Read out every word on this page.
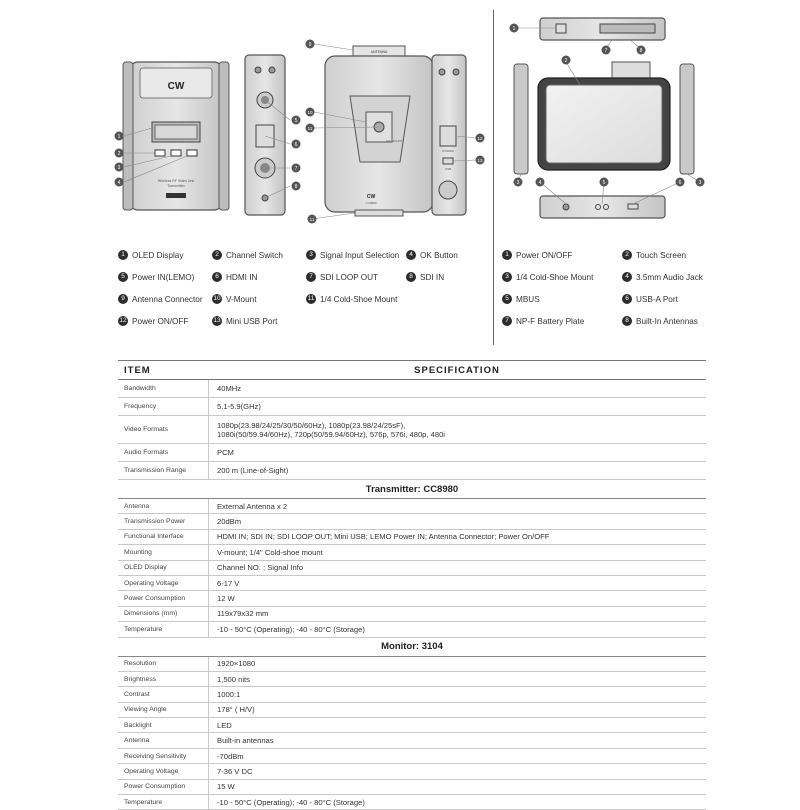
CW
Wireless RF Video Link
Transmitter
ANTENNA
CW
CC8980
1/4" MOUNT
POWER
USB
1
2
3
4
5
6
7
8
9
10
11
12
13
11
1
7	8
2
3	4	5	6	3
1 OLED Display	2 Channel Switch	3 Signal Input Selection	4 OK Button
5 Power IN(LEMO)	6 HDMI IN	7 SDI LOOP OUT	8 SDI IN
9 Antenna Connector 10 V-Mount	11 1/4 Cold-Shoe Mount
12 Power ON/OFF	13 Mini USB Port
1 Power ON/OFF	2 Touch Screen
3 1/4 Cold-Shoe Mount	4 3.5mm Audio Jack
5 MBUS	6 USB-A Port
7 NP-F Battery Plate	8 Built-In Antennas
ITEM	SPECIFICATION
Bandwidth	40MHz
Frequency	5.1-5.9(GHz)
Video Formats	1080p(23.98/24/25/30/50/60Hz), 1080p(23.98/24/25sF),
1080i(50/59.94/60Hz), 720p(50/59.94/60Hz), 576p, 576i, 480p, 480i
Audio Formats	PCM
Transmission Range	200 m (Line-of-Sight)
Transmitter: CC8980
Antenna	External Antenna x 2
Transmission Power	20dBm
Functional Interface	HDMI IN; SDI IN; SDI LOOP OUT; Mini USB; LEMO Power IN; Antenna Connector; Power On/OFF
Mounting	V-mount; 1/4" Cold-shoe mount
OLED Display	Channel NO. ; Signal Info
Operating Voltage	6-17 V
Power Consumption	12 W
Dimensions (mm)	119x79x32 mm
Temperature	-10 - 50°C (Operating); -40 - 80°C (Storage)
Monitor: 3104
Resolution	1920×1080
Brightness	1,500 nits
Contrast	1000:1
Viewing Angle	178° ( H/V)
Backlight	LED
Antenna	Built-in antennas
Receiving Sensitivity	-70dBm
Operating Voltage	7-36 V DC
Power Consumption	15 W
Temperature	-10 - 50°C (Operating); -40 - 80°C (Storage)
